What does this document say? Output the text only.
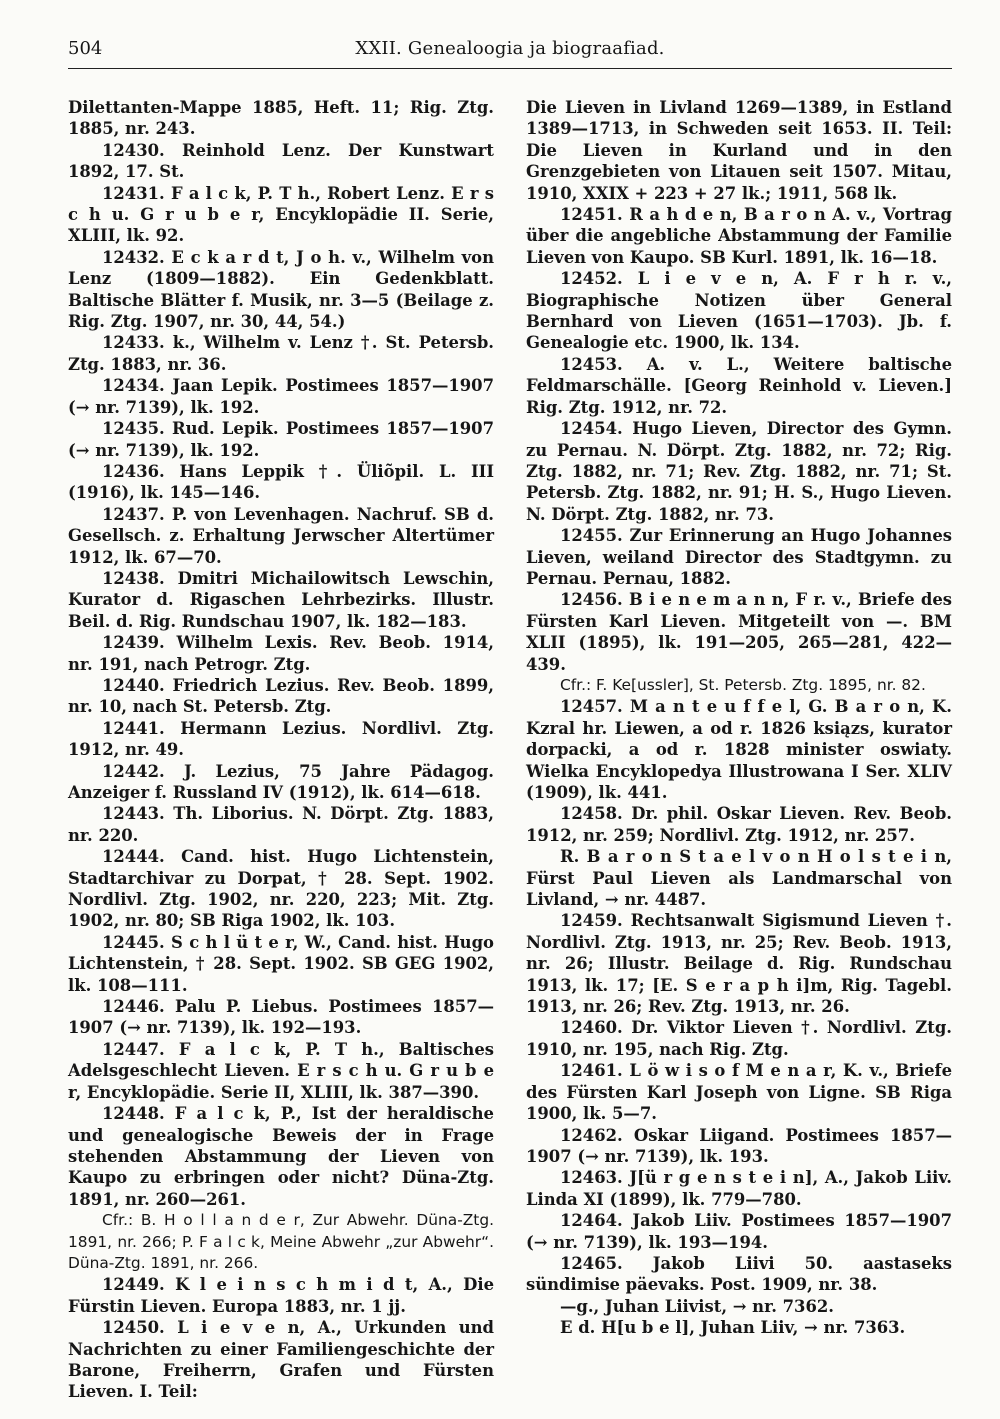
504	XXII. Genealoogia ja biograafiad.

Dilettanten-Mappe 1885, Heft. 11; Rig. Ztg. 1885, nr. 243.

12430. Reinhold Lenz. Der Kunstwart 1892, 17. St.

12431. F a l c k, P. T h., Robert Lenz. E r s c h u. G r u b e r, Encyklopädie II. Serie, XLIII, lk. 92.

12432. E c k a r d t, J o h. v., Wilhelm von Lenz (1809—1882). Ein Gedenkblatt. Baltische Blätter f. Musik, nr. 3—5 (Beilage z. Rig. Ztg. 1907, nr. 30, 44, 54.)

12433. k., Wilhelm v. Lenz †. St. Petersb. Ztg. 1883, nr. 36.

12434. Jaan Lepik. Postimees 1857—1907 (→ nr. 7139), lk. 192.

12435. Rud. Lepik. Postimees 1857—1907 (→ nr. 7139), lk. 192.

12436. Hans Leppik †. Üliõpil. L. III (1916), lk. 145—146.

12437. P. von Levenhagen. Nachruf. SB d. Gesellsch. z. Erhaltung Jerwscher Altertümer 1912, lk. 67—70.

12438. Dmitri Michailowitsch Lewschin, Kurator d. Rigaschen Lehrbezirks. Illustr. Beil. d. Rig. Rundschau 1907, lk. 182—183.

12439. Wilhelm Lexis. Rev. Beob. 1914, nr. 191, nach Petrogr. Ztg.

12440. Friedrich Lezius. Rev. Beob. 1899, nr. 10, nach St. Petersb. Ztg.

12441. Hermann Lezius. Nordlivl. Ztg. 1912, nr. 49.

12442. J. Lezius, 75 Jahre Pädagog. Anzeiger f. Russland IV (1912), lk. 614—618.

12443. Th. Liborius. N. Dörpt. Ztg. 1883, nr. 220.

12444. Cand. hist. Hugo Lichtenstein, Stadtarchivar zu Dorpat, † 28. Sept. 1902. Nordlivl. Ztg. 1902, nr. 220, 223; Mit. Ztg. 1902, nr. 80; SB Riga 1902, lk. 103.

12445. S c h l ü t e r, W., Cand. hist. Hugo Lichtenstein, † 28. Sept. 1902. SB GEG 1902, lk. 108—111.

12446. Palu P. Liebus. Postimees 1857—1907 (→ nr. 7139), lk. 192—193.

12447. F a l c k, P. T h., Baltisches Adelsgeschlecht Lieven. E r s c h u. G r u b e r, Encyklopädie. Serie II, XLIII, lk. 387—390.

12448. F a l c k, P., Ist der heraldische und genealogische Beweis der in Frage stehenden Abstammung der Lieven von Kaupo zu erbringen oder nicht? Düna-Ztg. 1891, nr. 260—261.

Cfr.: B. H o l l a n d e r, Zur Abwehr. Düna-Ztg. 1891, nr. 266; P. F a l c k, Meine Abwehr „zur Abwehr“. Düna-Ztg. 1891, nr. 266.

12449. K l e i n s c h m i d t, A., Die Fürstin Lieven. Europa 1883, nr. 1 jj.

12450. L i e v e n, A., Urkunden und Nachrichten zu einer Familiengeschichte der Barone, Freiherrn, Grafen und Fürsten Lieven. I. Teil:

Die Lieven in Livland 1269—1389, in Estland 1389—1713, in Schweden seit 1653. II. Teil: Die Lieven in Kurland und in den Grenzgebieten von Litauen seit 1507. Mitau, 1910, XXIX + 223 + 27 lk.; 1911, 568 lk.

12451. R a h d e n, B a r o n A. v., Vortrag über die angebliche Abstammung der Familie Lieven von Kaupo. SB Kurl. 1891, lk. 16—18.

12452. L i e v e n, A. F r h r. v., Biographische Notizen über General Bernhard von Lieven (1651—1703). Jb. f. Genealogie etc. 1900, lk. 134.

12453. A. v. L., Weitere baltische Feldmarschälle. [Georg Reinhold v. Lieven.] Rig. Ztg. 1912, nr. 72.

12454. Hugo Lieven, Director des Gymn. zu Pernau. N. Dörpt. Ztg. 1882, nr. 72; Rig. Ztg. 1882, nr. 71; Rev. Ztg. 1882, nr. 71; St. Petersb. Ztg. 1882, nr. 91; H. S., Hugo Lieven. N. Dörpt. Ztg. 1882, nr. 73.

12455. Zur Erinnerung an Hugo Johannes Lieven, weiland Director des Stadtgymn. zu Pernau. Pernau, 1882.

12456. B i e n e m a n n, F r. v., Briefe des Fürsten Karl Lieven. Mitgeteilt von —. BM XLII (1895), lk. 191—205, 265—281, 422—439.

Cfr.: F. Ke[ussler], St. Petersb. Ztg. 1895, nr. 82.

12457. M a n t e u f f e l, G. B a r o n, K. Kzral hr. Liewen, a od r. 1826 ksiązs, kurator dorpacki, a od r. 1828 minister oswiaty. Wielka Encyklopedya Illustrowana I Ser. XLIV (1909), lk. 441.

12458. Dr. phil. Oskar Lieven. Rev. Beob. 1912, nr. 259; Nordlivl. Ztg. 1912, nr. 257.

R. B a r o n S t a e l v o n H o l s t e i n, Fürst Paul Lieven als Landmarschal von Livland, → nr. 4487.

12459. Rechtsanwalt Sigismund Lieven †. Nordlivl. Ztg. 1913, nr. 25; Rev. Beob. 1913, nr. 26; Illustr. Beilage d. Rig. Rundschau 1913, lk. 17; [E. S e r a p h i]m, Rig. Tagebl. 1913, nr. 26; Rev. Ztg. 1913, nr. 26.

12460. Dr. Viktor Lieven †. Nordlivl. Ztg. 1910, nr. 195, nach Rig. Ztg.

12461. L ö w i s o f M e n a r, K. v., Briefe des Fürsten Karl Joseph von Ligne. SB Riga 1900, lk. 5—7.

12462. Oskar Liigand. Postimees 1857—1907 (→ nr. 7139), lk. 193.

12463. J[ü r g e n s t e i n], A., Jakob Liiv. Linda XI (1899), lk. 779—780.

12464. Jakob Liiv. Postimees 1857—1907 (→ nr. 7139), lk. 193—194.

12465. Jakob Liivi 50. aastaseks sündimise päevaks. Post. 1909, nr. 38.

—g., Juhan Liivist, → nr. 7362.

E d. H[u b e l], Juhan Liiv, → nr. 7363.
